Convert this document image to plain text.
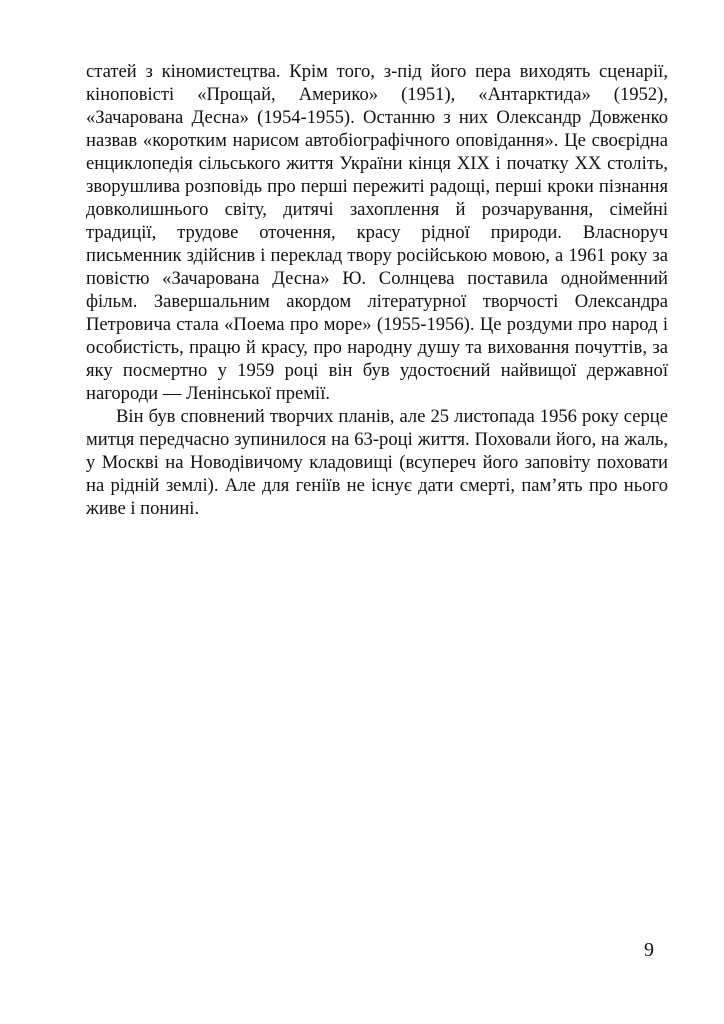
статей з кіномистецтва. Крім того, з-під його пера виходять сценарії, кіноповісті «Прощай, Америко» (1951), «Антарктида» (1952), «Зачарована Десна» (1954-1955). Останню з них Олександр Довженко назвав «коротким нарисом автобіографічного оповідання». Це своєрідна енциклопедія сільського життя України кінця XIX і початку XX століть, зворушлива розповідь про перші пережиті радощі, перші кроки пізнання довколишнього світу, дитячі захоплення й розчарування, сімейні традиції, трудове оточення, красу рідної природи. Власноруч письменник здійснив і переклад твору російською мовою, а 1961 року за повістю «Зачарована Десна» Ю. Солнцева поставила однойменний фільм. Завершальним акордом літературної творчості Олександра Петровича стала «Поема про море» (1955-1956). Це роздуми про народ і особистість, працю й красу, про народну душу та виховання почуттів, за яку посмертно у 1959 році він був удостоєний найвищої державної нагороди — Ленінської премії.

Він був сповнений творчих планів, але 25 листопада 1956 року серце митця передчасно зупинилося на 63-році життя. Поховали його, на жаль, у Москві на Новодівичому кладовищі (всупереч його заповіту поховати на рідній землі). Але для геніїв не існує дати смерті, пам’ять про нього живе і понині.

9
